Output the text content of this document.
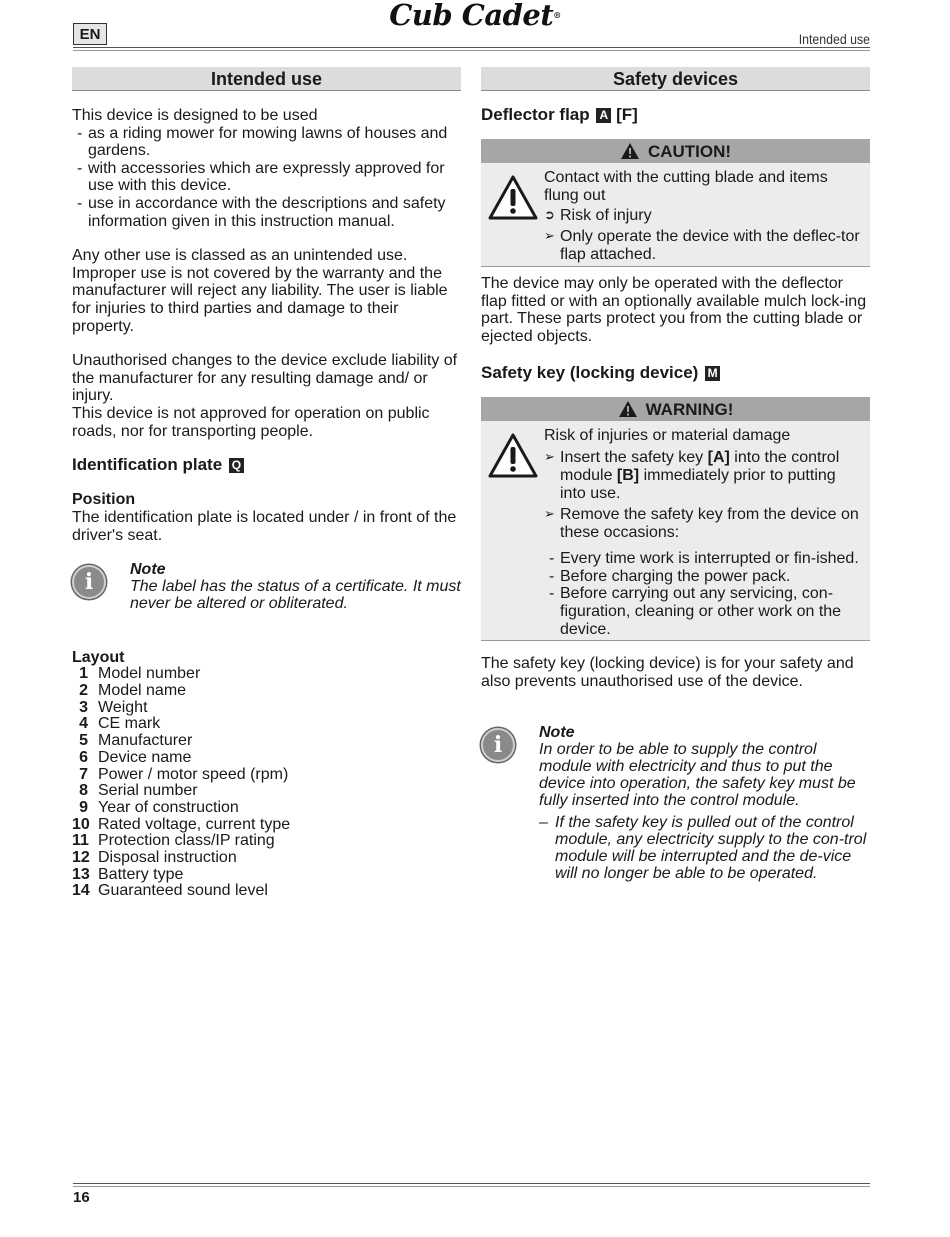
EN
Cub Cadet®
Intended use
Intended use

This device is designed to be used

- as a riding mower for mowing lawns of houses and gardens.
- with accessories which are expressly approved for use with this device.
- use in accordance with the descriptions and safety information given in this instruction manual.

Any other use is classed as an unintended use. Improper use is not covered by the warranty and the manufacturer will reject any liability. The user is liable for injuries to third parties and damage to their property.

Unauthorised changes to the device exclude liability of the manufacturer for any resulting damage and/ or injury.

This device is not approved for operation on public roads, nor for transporting people.

Identification plate Q
Position

The identification plate is located under / in front of the driver's seat.

i	Note
The label has the status of a certificate. It must never be altered or obliterated.
Layout
1 Model number
2 Model name
3 Weight
4 CE mark
5 Manufacturer
6 Device name
7 Power / motor speed (rpm)
8 Serial number
9 Year of construction
10 Rated voltage, current type
11 Protection class/IP rating
12 Disposal instruction
13 Battery type
14 Guaranteed sound level
Safety devices
Deflector flap A [F]
CAUTION!

Contact with the cutting blade and items flung out

➲ Risk of injury
➢ Only operate the device with the deflec-tor flap attached.

The device may only be operated with the deflector flap fitted or with an optionally available mulch lock-ing part. These parts protect you from the cutting blade or ejected objects.

Safety key (locking device) M
WARNING!

Risk of injuries or material damage

➢ Insert the safety key [A] into the control module [B] immediately prior to putting into use.
➢ Remove the safety key from the device on these occasions:
- Every time work is interrupted or fin-ished.
- Before charging the power pack.
- Before carrying out any servicing, con-figuration, cleaning or other work on the device.

The safety key (locking device) is for your safety and also prevents unauthorised use of the device.

i	Note
In order to be able to supply the control module with electricity and thus to put the device into operation, the safety key must be fully inserted into the control module.
– If the safety key is pulled out of the control module, any electricity supply to the con-trol module will be interrupted and the de-vice will no longer be able to be operated.
16
